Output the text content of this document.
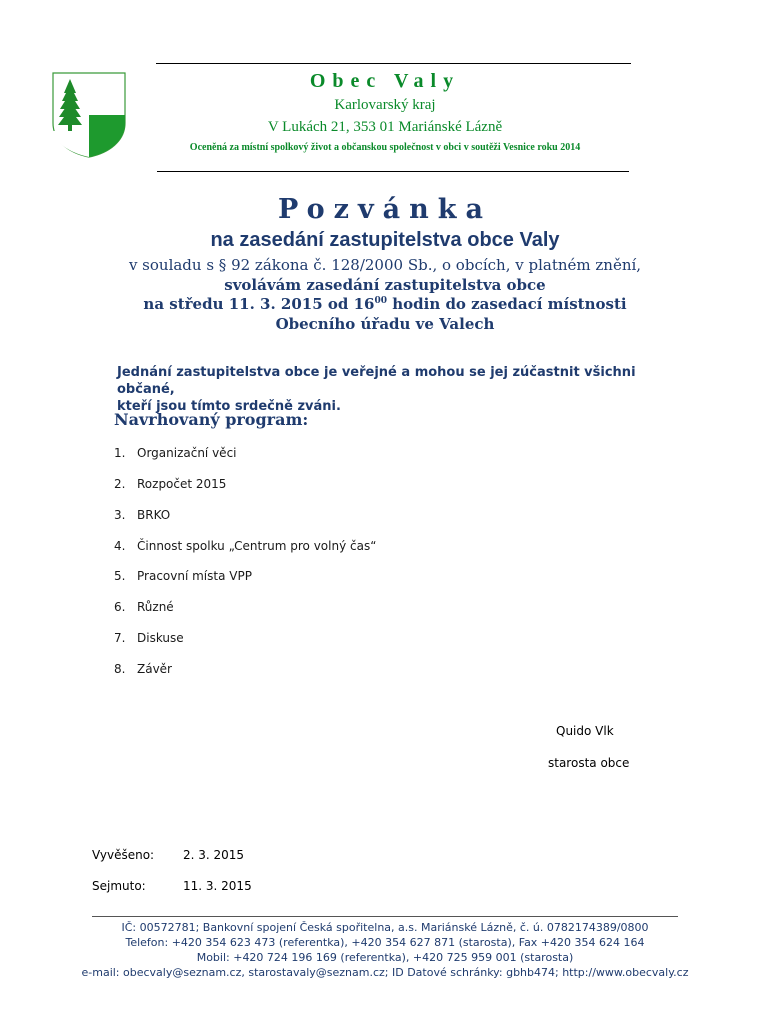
Obec Valy
Karlovarský kraj
V Lukách 21, 353 01 Mariánské Lázně
Oceněná za místní spolkový život a občanskou společnost v obci v soutěži Vesnice roku 2014
Pozvánka
na zasedání zastupitelstva obce Valy
v souladu s § 92 zákona č. 128/2000 Sb., o obcích, v platném znění,
svolávám zasedání zastupitelstva obce
na středu 11. 3. 2015 od $16^{00}$ hodin do zasedací místnosti
Obecního úřadu ve Valech
Jednání zastupitelstva obce je veřejné a mohou se jej zúčastnit všichni občané,
kteří jsou tímto srdečně zváni.
Navrhovaný program:
1. Organizační věci
2. Rozpočet 2015
3. BRKO
4. Činnost spolku „Centrum pro volný čas“
5. Pracovní místa VPP
6. Různé
7. Diskuse
8. Závěr
Quido Vlk
starosta obce
Vyvěšeno: 2. 3. 2015
Sejmuto:	11. 3. 2015
IČ: 00572781; Bankovní spojení Česká spořitelna, a.s. Mariánské Lázně, č. ú. 0782174389/0800
Telefon: +420 354 623 473 (referentka), +420 354 627 871 (starosta), Fax +420 354 624 164
Mobil: +420 724 196 169 (referentka), +420 725 959 001 (starosta)
e-mail: obecvaly@seznam.cz, starostavaly@seznam.cz; ID Datové schránky: gbhb474; http://www.obecvaly.cz
